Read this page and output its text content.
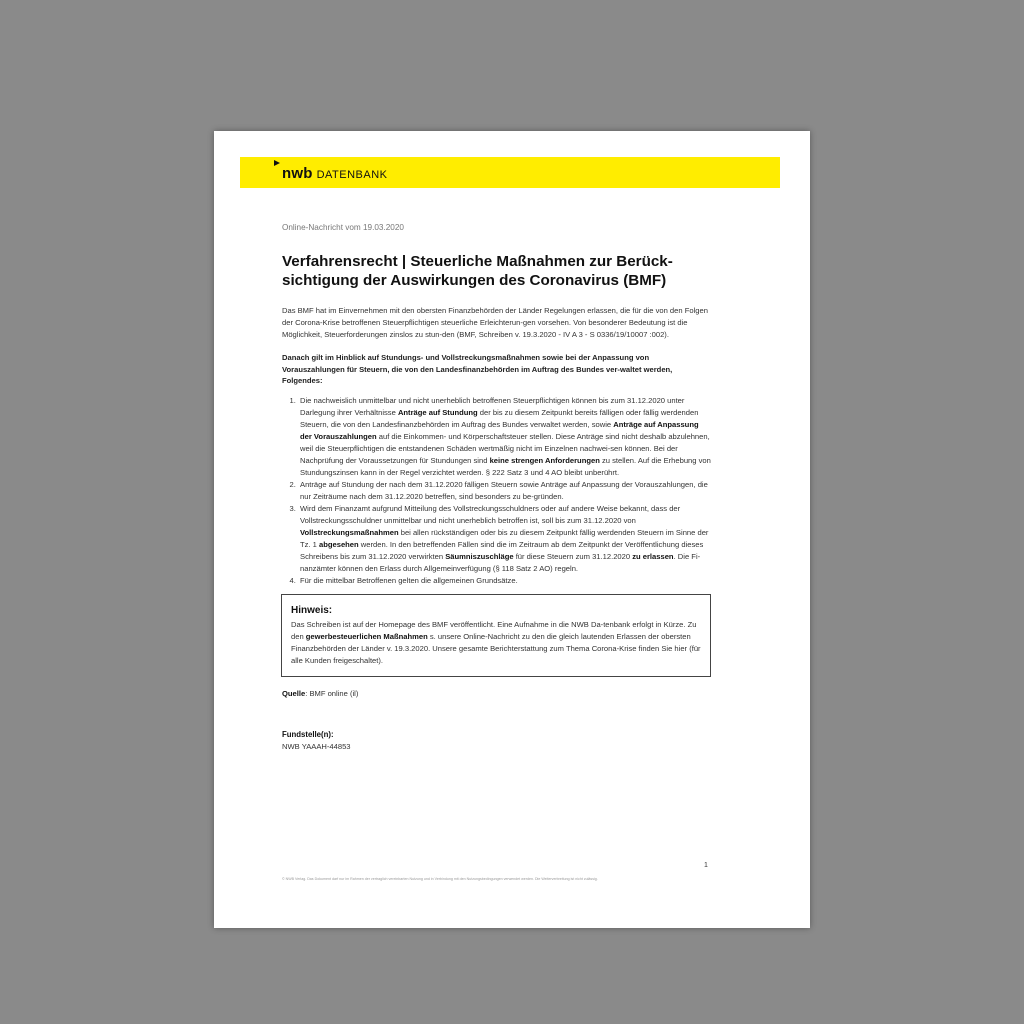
nwb DATENBANK

Online-Nachricht vom 19.03.2020

Verfahrensrecht | Steuerliche Maßnahmen zur Berück-sichtigung der Auswirkungen des Coronavirus (BMF)

Das BMF hat im Einvernehmen mit den obersten Finanzbehörden der Länder Regelungen erlassen, die für die von den Folgen der Corona-Krise betroffenen Steuerpflichtigen steuerliche Erleichterun-gen vorsehen. Von besonderer Bedeutung ist die Möglichkeit, Steuerforderungen zinslos zu stun-den (BMF, Schreiben v. 19.3.2020 - IV A 3 - S 0336/19/10007 :002).

Danach gilt im Hinblick auf Stundungs- und Vollstreckungsmaßnahmen sowie bei der Anpassung von Vorauszahlungen für Steuern, die von den Landesfinanzbehörden im Auftrag des Bundes ver-waltet werden, Folgendes:

1. Die nachweislich unmittelbar und nicht unerheblich betroffenen Steuerpflichtigen können bis zum 31.12.2020 unter Darlegung ihrer Verhältnisse Anträge auf Stundung der bis zu diesem Zeitpunkt bereits fälligen oder fällig werdenden Steuern, die von den Landesfinanzbehörden im Auftrag des Bundes verwaltet werden, sowie Anträge auf Anpassung der Vorauszahlungen auf die Einkommen- und Körperschaftsteuer stellen. Diese Anträge sind nicht deshalb abzulehnen, weil die Steuerpflichtigen die entstandenen Schäden wertmäßig nicht im Einzelnen nachwei-sen können. Bei der Nachprüfung der Voraussetzungen für Stundungen sind keine strengen Anforderungen zu stellen. Auf die Erhebung von Stundungszinsen kann in der Regel verzichtet werden. § 222 Satz 3 und 4 AO bleibt unberührt.
2. Anträge auf Stundung der nach dem 31.12.2020 fälligen Steuern sowie Anträge auf Anpassung der Vorauszahlungen, die nur Zeiträume nach dem 31.12.2020 betreffen, sind besonders zu be-gründen.
3. Wird dem Finanzamt aufgrund Mitteilung des Vollstreckungsschuldners oder auf andere Weise bekannt, dass der Vollstreckungsschuldner unmittelbar und nicht unerheblich betroffen ist, soll bis zum 31.12.2020 von Vollstreckungsmaßnahmen bei allen rückständigen oder bis zu diesem Zeitpunkt fällig werdenden Steuern im Sinne der Tz. 1 abgesehen werden. In den betreffenden Fällen sind die im Zeitraum ab dem Zeitpunkt der Veröffentlichung dieses Schreibens bis zum 31.12.2020 verwirkten Säumniszuschläge für diese Steuern zum 31.12.2020 zu erlassen. Die Fi-nanzämter können den Erlass durch Allgemeinverfügung (§ 118 Satz 2 AO) regeln.
4. Für die mittelbar Betroffenen gelten die allgemeinen Grundsätze.
Hinweis:

Das Schreiben ist auf der Homepage des BMF veröffentlicht. Eine Aufnahme in die NWB Da-tenbank erfolgt in Kürze. Zu den gewerbesteuerlichen Maßnahmen s. unsere Online-Nachricht zu den die gleich lautenden Erlassen der obersten Finanzbehörden der Länder v. 19.3.2020. Unsere gesamte Berichterstattung zum Thema Corona-Krise finden Sie hier (für alle Kunden freigeschaltet).

Quelle: BMF online (il)

Fundstelle(n):

NWB YAAAH-44853

1
© NWB Verlag. Das Dokument darf nur im Rahmen der vertraglich vereinbarten Nutzung und in Verbindung mit den Nutzungsbedingungen verwendet werden. Die Weiterverbreitung ist nicht zulässig.
